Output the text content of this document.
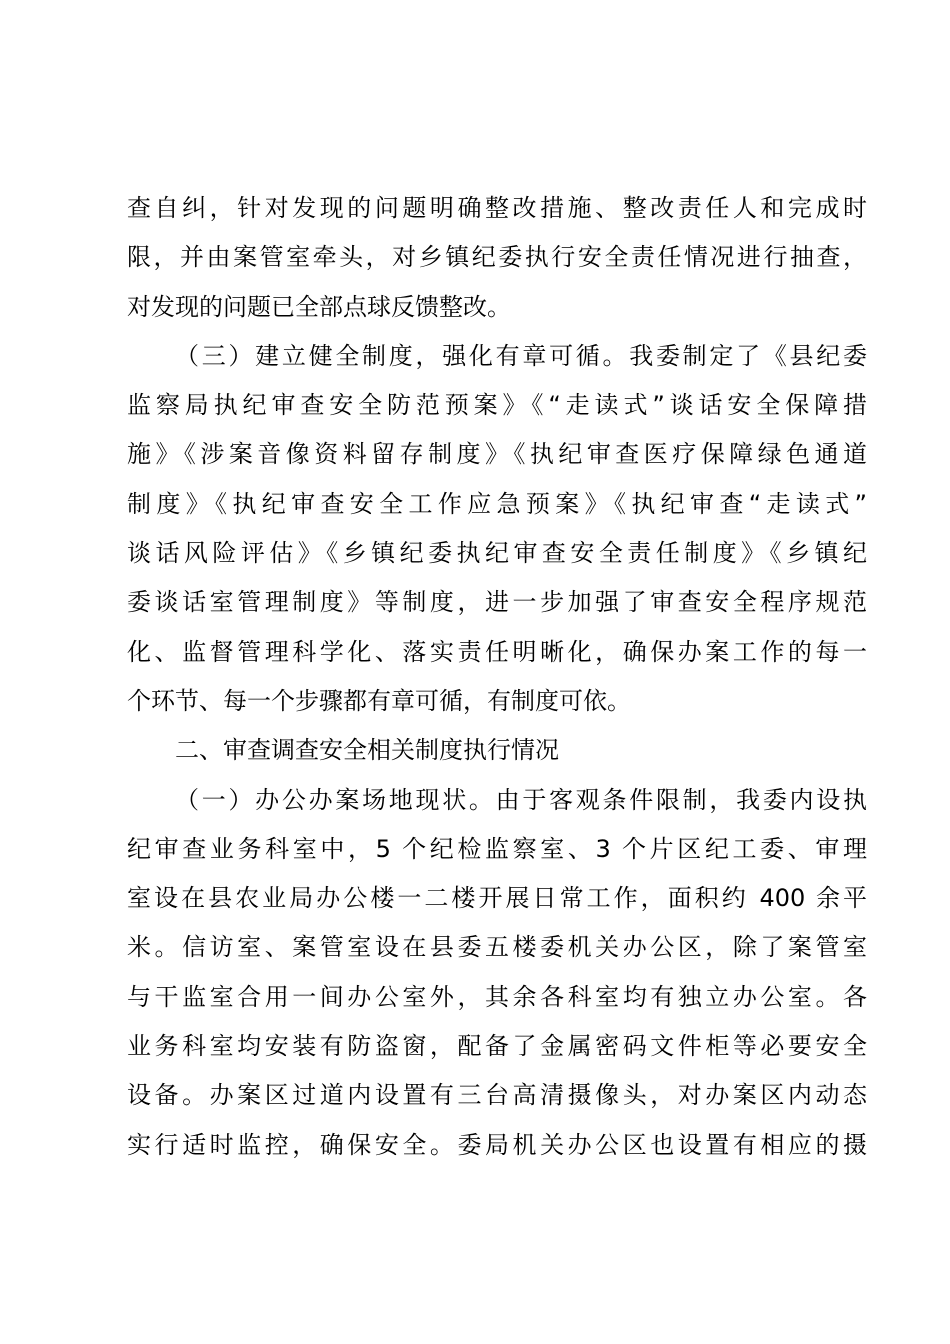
查自纠，针对发现的问题明确整改措施、整改责任人和完成时
限，并由案管室牵头，对乡镇纪委执行安全责任情况进行抽查，
对发现的问题已全部点球反馈整改。
（三）建立健全制度，强化有章可循。我委制定了《县纪委
监察局执纪审查安全防范预案》《“走读式”谈话安全保障措
施》《涉案音像资料留存制度》《执纪审查医疗保障绿色通道
制度》《执纪审查安全工作应急预案》《执纪审查“走读式”
谈话风险评估》《乡镇纪委执纪审查安全责任制度》《乡镇纪
委谈话室管理制度》等制度，进一步加强了审查安全程序规范
化、监督管理科学化、落实责任明晰化，确保办案工作的每一
个环节、每一个步骤都有章可循，有制度可依。
二、审查调查安全相关制度执行情况
（一）办公办案场地现状。由于客观条件限制，我委内设执
纪审查业务科室中，5 个纪检监察室、3 个片区纪工委、审理
室设在县农业局办公楼一二楼开展日常工作，面积约 400 余平
米。信访室、案管室设在县委五楼委机关办公区，除了案管室
与干监室合用一间办公室外，其余各科室均有独立办公室。各
业务科室均安装有防盗窗，配备了金属密码文件柜等必要安全
设备。办案区过道内设置有三台高清摄像头，对办案区内动态
实行适时监控，确保安全。委局机关办公区也设置有相应的摄
